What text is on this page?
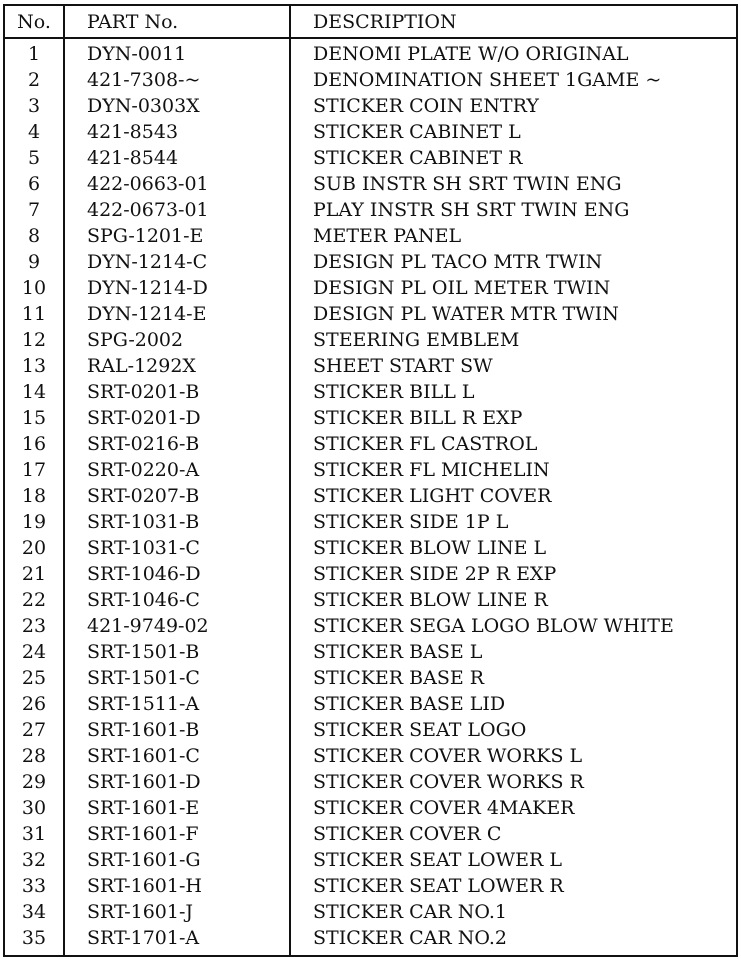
No.	PART No.	DESCRIPTION
1	DYN-0011	DENOMI PLATE W/O ORIGINAL
2	421-7308-~	DENOMINATION SHEET 1GAME ~
3	DYN-0303X	STICKER COIN ENTRY
4	421-8543	STICKER CABINET L
5	421-8544	STICKER CABINET R
6	422-0663-01	SUB INSTR SH SRT TWIN ENG
7	422-0673-01	PLAY INSTR SH SRT TWIN ENG
8	SPG-1201-E	METER PANEL
9	DYN-1214-C	DESIGN PL TACO MTR TWIN
10	DYN-1214-D	DESIGN PL OIL METER TWIN
11	DYN-1214-E	DESIGN PL WATER MTR TWIN
12	SPG-2002	STEERING EMBLEM
13	RAL-1292X	SHEET START SW
14	SRT-0201-B	STICKER BILL L
15	SRT-0201-D	STICKER BILL R EXP
16	SRT-0216-B	STICKER FL CASTROL
17	SRT-0220-A	STICKER FL MICHELIN
18	SRT-0207-B	STICKER LIGHT COVER
19	SRT-1031-B	STICKER SIDE 1P L
20	SRT-1031-C	STICKER BLOW LINE L
21	SRT-1046-D	STICKER SIDE 2P R EXP
22	SRT-1046-C	STICKER BLOW LINE R
23	421-9749-02	STICKER SEGA LOGO BLOW WHITE
24	SRT-1501-B	STICKER BASE L
25	SRT-1501-C	STICKER BASE R
26	SRT-1511-A	STICKER BASE LID
27	SRT-1601-B	STICKER SEAT LOGO
28	SRT-1601-C	STICKER COVER WORKS L
29	SRT-1601-D	STICKER COVER WORKS R
30	SRT-1601-E	STICKER COVER 4MAKER
31	SRT-1601-F	STICKER COVER C
32	SRT-1601-G	STICKER SEAT LOWER L
33	SRT-1601-H	STICKER SEAT LOWER R
34	SRT-1601-J	STICKER CAR NO.1
35	SRT-1701-A	STICKER CAR NO.2
